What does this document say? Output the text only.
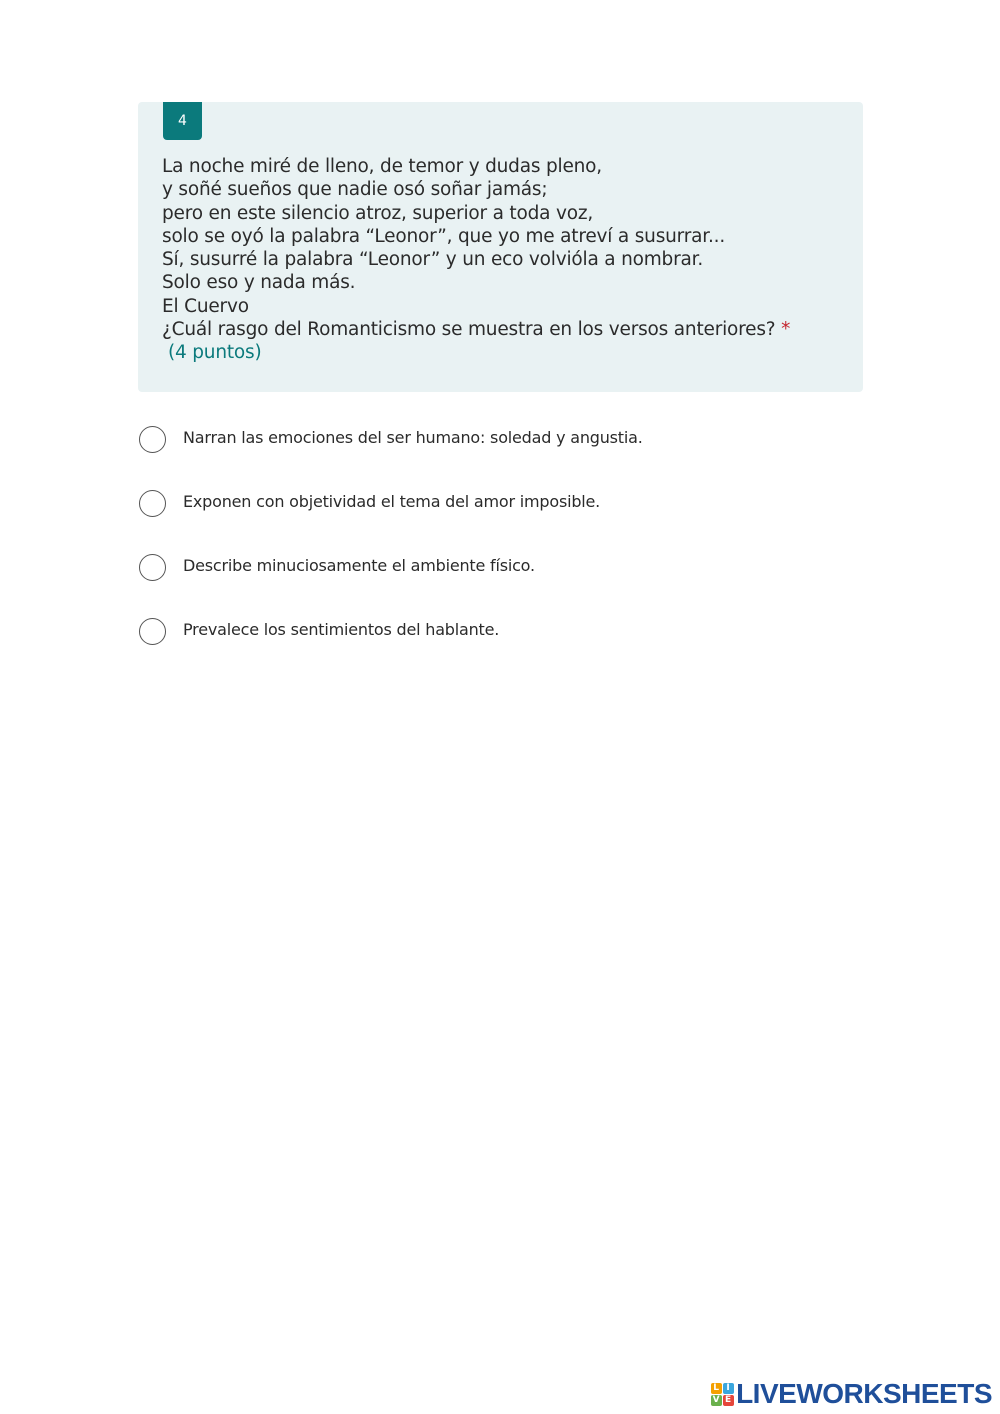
4
La noche miré de lleno, de temor y dudas pleno,
y soñé sueños que nadie osó soñar jamás;
pero en este silencio atroz, superior a toda voz,
solo se oyó la palabra “Leonor”, que yo me atreví a susurrar...
Sí, susurré la palabra “Leonor” y un eco volvióla a nombrar.
Solo eso y nada más.
El Cuervo
¿Cuál rasgo del Romanticismo se muestra en los versos anteriores? *
(4 puntos)
Narran las emociones del ser humano: soledad y angustia.
Exponen con objetividad el tema del amor imposible.
Describe minuciosamente el ambiente físico.
Prevalece los sentimientos del hablante.
L I
V E LIVEWORKSHEETS
